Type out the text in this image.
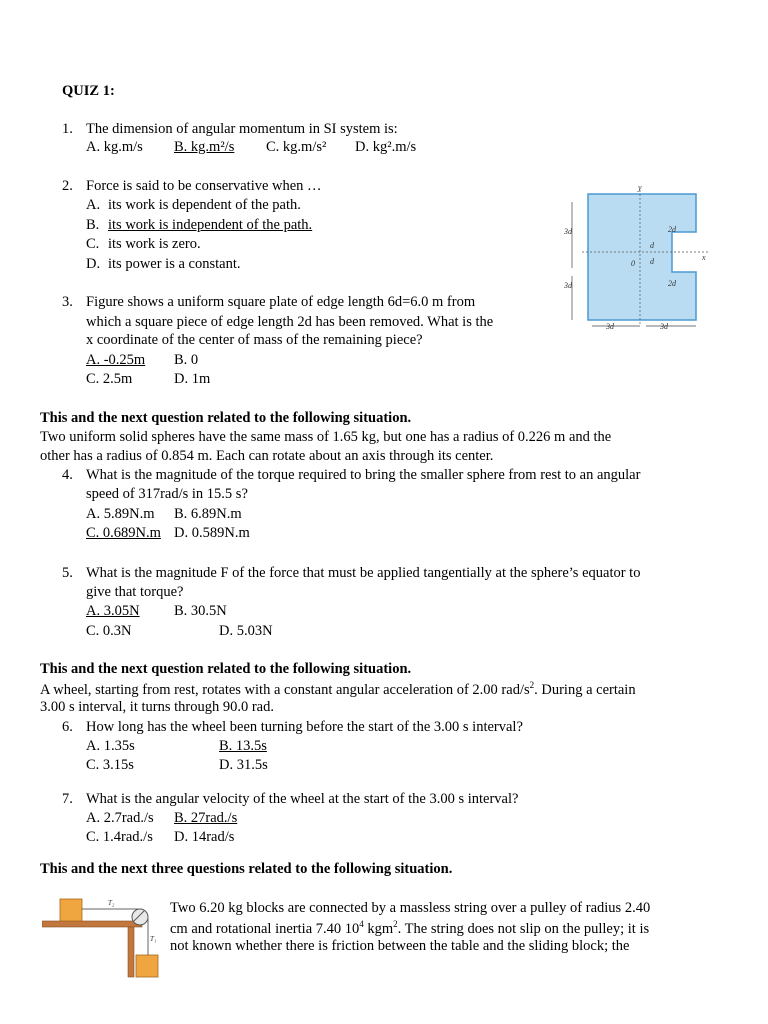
QUIZ 1:
1. The dimension of angular momentum in SI system is:
A. kg.m/s B. kg.m²/s C. kg.m/s² D. kg².m/s
2. Force is said to be conservative when …
A. its work is dependent of the path.
B. its work is independent of the path.
C. its work is zero.
D. its power is a constant.
y
x
0
3d
3d
3d	3d
2d
2d
d
d
3. Figure shows a uniform square plate of edge length 6d=6.0 m from
which a square piece of edge length 2d has been removed. What is the
x coordinate of the center of mass of the remaining piece?
A. -0.25m B. 0
C. 2.5m	D. 1m
This and the next question related to the following situation.
Two uniform solid spheres have the same mass of 1.65 kg, but one has a radius of 0.226 m and the
other has a radius of 0.854 m. Each can rotate about an axis through its center.
4. What is the magnitude of the torque required to bring the smaller sphere from rest to an angular
speed of 317rad/s in 15.5 s?
A. 5.89N.m B. 6.89N.m
C. 0.689N.m D. 0.589N.m
5. What is the magnitude F of the force that must be applied tangentially at the sphere’s equator to
give that torque?
A. 3.05N	B. 30.5N
C. 0.3N	D. 5.03N
This and the next question related to the following situation.
A wheel, starting from rest, rotates with a constant angular acceleration of 2.00 rad/$s^2$. During a certain
3.00 s interval, it turns through 90.0 rad.
6. How long has the wheel been turning before the start of the 3.00 s interval?
A. 1.35s	B. 13.5s
C. 3.15s	D. 31.5s
7. What is the angular velocity of the wheel at the start of the 3.00 s interval?
A. 2.7rad./s B. 27rad./s
C. 1.4rad./s D. 14rad/s
This and the next three questions related to the following situation.
T₂
T₁
Two 6.20 kg blocks are connected by a massless string over a pulley of radius 2.40
cm and rotational inertia 7.40 $10^4$ kgm$^2$. The string does not slip on the pulley; it is
not known whether there is friction between the table and the sliding block; the
